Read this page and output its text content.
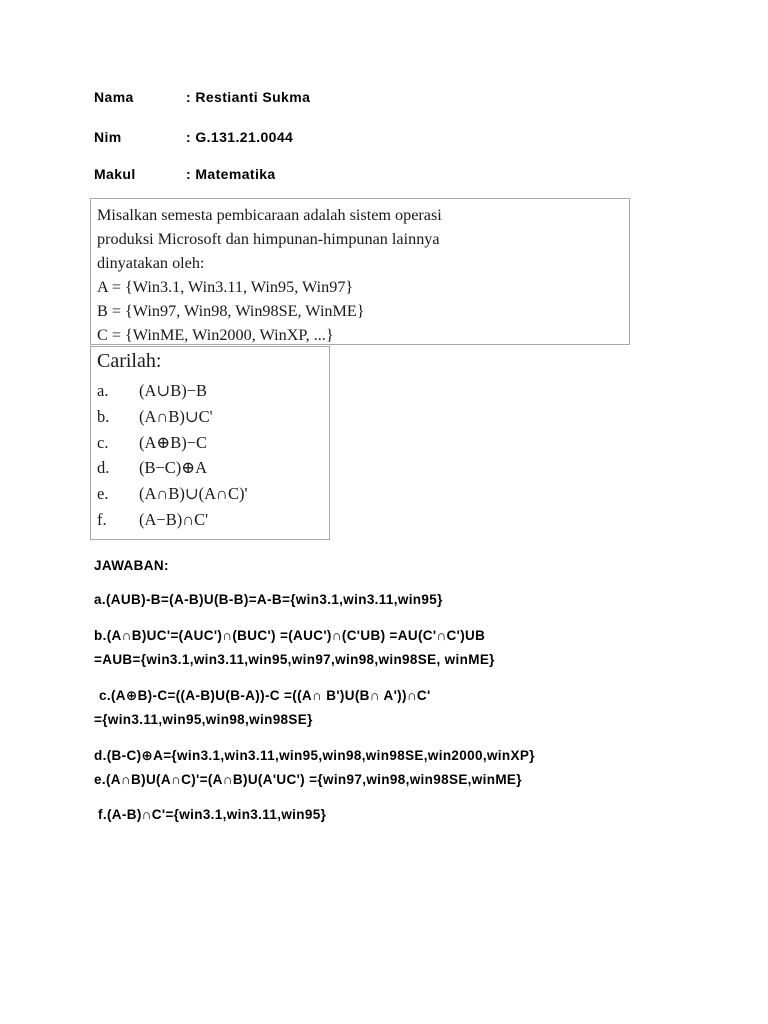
Nama	: Restianti Sukma
Nim	: G.131.21.0044
Makul	: Matematika
Misalkan semesta pembicaraan adalah sistem operasi
produksi Microsoft dan himpunan-himpunan lainnya
dinyatakan oleh:
A = {Win3.1, Win3.11, Win95, Win97}
B = {Win97, Win98, Win98SE, WinME}
C = {WinME, Win2000, WinXP, ...}
Carilah:
a. (A∪B)−B
b. (A∩B)∪C'
c. (A⊕B)−C
d. (B−C)⊕A
e. (A∩B)∪(A∩C)'
f. (A−B)∩C'
JAWABAN:
a.(AUB)-B=(A-B)U(B-B)=A-B={win3.1,win3.11,win95}
b.(A∩B)UC'=(AUC')∩(BUC') =(AUC')∩(C'UB) =AU(C'∩C')UB
=AUB={win3.1,win3.11,win95,win97,win98,win98SE, winME}
c.(A⊕B)-C=((A-B)U(B-A))-C =((A∩ B')U(B∩ A'))∩C'
={win3.11,win95,win98,win98SE}
d.(B-C)⊕A={win3.1,win3.11,win95,win98,win98SE,win2000,winXP}
e.(A∩B)U(A∩C)'=(A∩B)U(A'UC') ={win97,win98,win98SE,winME}
f.(A-B)∩C'={win3.1,win3.11,win95}
